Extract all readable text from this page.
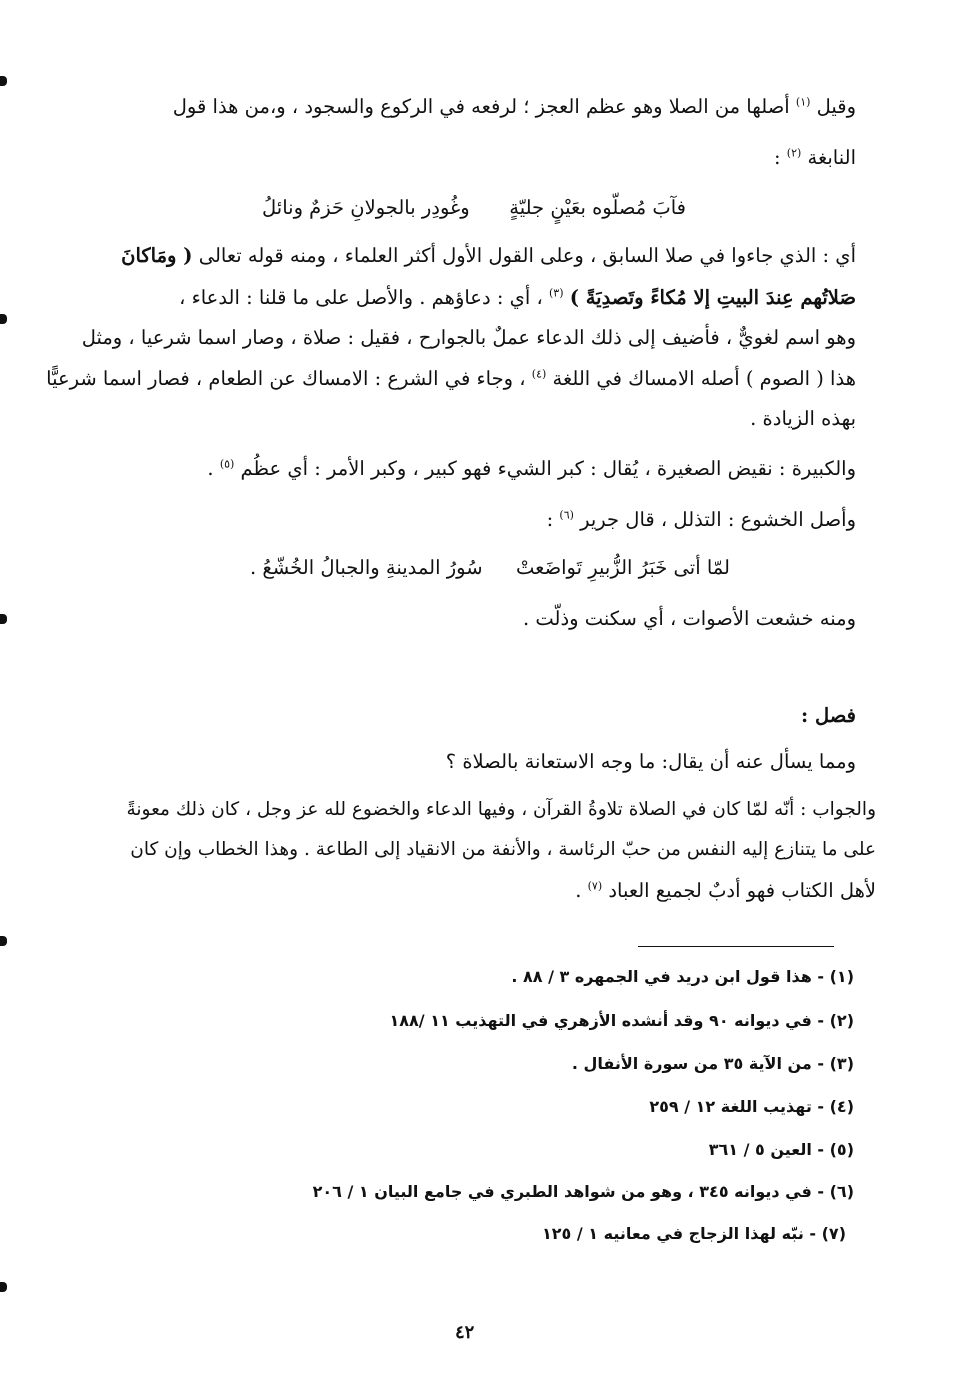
وقيل $^{(١)}$ أصلها من الصلا وهو عظم العجز ؛ لرفعه في الركوع والسجود ، و،من هذا قول
النابغة $^{(٢)}$ :
فآبَ مُصلّوه بعَيْنٍ جليّةٍ
وغُودِر بالجولانِ حَزمٌ ونائلُ
أي : الذي جاءوا في صلا السابق ، وعلى القول الأول أكثر العلماء ، ومنه قوله تعالى ( ومَاكانَ
صَلاتُهم عِندَ البيتِ إلا مُكاءً وتَصدِيَةً ) $^{(٣)}$ ، أي : دعاؤهم . والأصل على ما قلنا : الدعاء ،
وهو اسم لغويٌّ ، فأضيف إلى ذلك الدعاء عملٌ بالجوارح ، فقيل : صلاة ، وصار اسما شرعيا ، ومثل
هذا ( الصوم ) أصله الامساك في اللغة $^{(٤)}$ ، وجاء في الشرع : الامساك عن الطعام ، فصار اسما شرعيًّا
بهذه الزيادة .
والكبيرة : نقيض الصغيرة ، يُقال : كبر الشيء فهو كبير ، وكبر الأمر : أي عظُم $^{(٥)}$ .
وأصل الخشوع : التذلل ، قال جرير $^{(٦)}$ :
لمّا أتى خَبَرُ الزُّبيرِ تَواضَعتْ
سُورُ المدينةِ والجبالُ الخُشّعُ .
ومنه خشعت الأصوات ، أي سكنت وذلّت .
فصل :
ومما يسأل عنه أن يقال: ما وجه الاستعانة بالصلاة ؟
والجواب : أنّه لمّا كان في الصلاة تلاوةُ القرآن ، وفيها الدعاء والخضوع لله عز وجل ، كان ذلك معونةً
على ما يتنازع إليه النفس من حبّ الرئاسة ، والأنفة من الانقياد إلى الطاعة . وهذا الخطاب وإن كان
لأهل الكتاب فهو أدبٌ لجميع العباد $^{(٧)}$ .
(١) - هذا قول ابن دريد في الجمهره ٣ / ٨٨ .
(٢) - في ديوانه ٩٠ وقد أنشده الأزهري في التهذيب ١١ /١٨٨
(٣) - من الآية ٣٥ من سورة الأنفال .
(٤) - تهذيب اللغة ١٢ / ٢٥٩
(٥) - العين ٥ / ٣٦١
(٦) - في ديوانه ٣٤٥ ، وهو من شواهد الطبري في جامع البيان ١ / ٢٠٦
(٧) - نبّه لهذا الزجاج في معانيه ١ / ١٢٥
٤٢
